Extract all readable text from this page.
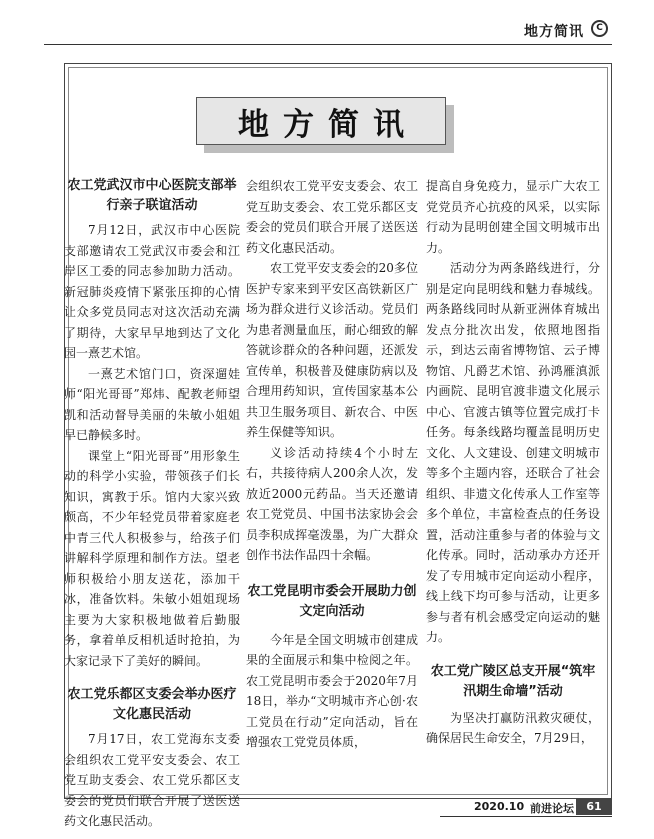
地方简讯	C
地方简讯
农工党武汉市中心医院支部举行亲子联谊活动

7月12日，武汉市中心医院支部邀请农工党武汉市委会和江岸区工委的同志参加助力活动。新冠肺炎疫情下紧张压抑的心情让众多党员同志对这次活动充满了期待，大家早早地到达了文化园一熹艺术馆。

一熹艺术馆门口，资深遛娃师“阳光哥哥”郑炜、配教老师望凯和活动督导美丽的朱敏小姐姐早已静候多时。

课堂上“阳光哥哥”用形象生动的科学小实验，带领孩子们长知识，寓教于乐。馆内大家兴致颇高，不少年轻党员带着家庭老中青三代人积极参与，给孩子们讲解科学原理和制作方法。望老师积极给小朋友送花，添加干冰，准备饮料。朱敏小姐姐现场主要为大家积极地做着后勤服务，拿着单反相机适时抢拍，为大家记录下了美好的瞬间。

农工党乐都区支委会举办医疗文化惠民活动

7月17日，农工党海东支委会组织农工党平安支委会、农工党互助支委会、农工党乐都区支委会的党员们联合开展了送医送药文化惠民活动。

会组织农工党平安支委会、农工党互助支委会、农工党乐都区支委会的党员们联合开展了送医送药文化惠民活动。

农工党平安支委会的20多位医护专家来到平安区高铁新区广场为群众进行义诊活动。党员们为患者测量血压，耐心细致的解答就诊群众的各种问题，还派发宣传单，积极普及健康防病以及合理用药知识，宣传国家基本公共卫生服务项目、新农合、中医养生保健等知识。

义诊活动持续4个小时左右，共接待病人200余人次，发放近2000元药品。当天还邀请农工党党员、中国书法家协会会员李积成挥毫泼墨，为广大群众创作书法作品四十余幅。

农工党昆明市委会开展助力创文定向活动

今年是全国文明城市创建成果的全面展示和集中检阅之年。农工党昆明市委会于2020年7月18日，举办“文明城市齐心创·农工党员在行动”定向活动，旨在增强农工党党员体质，

提高自身免疫力，显示广大农工党党员齐心抗疫的风采，以实际行动为昆明创建全国文明城市出力。

活动分为两条路线进行，分别是定向昆明线和魅力春城线。两条路线同时从新亚洲体育城出发点分批次出发，依照地图指示，到达云南省博物馆、云子博物馆、凡爵艺术馆、孙鸿雁滇派内画院、昆明官渡非遗文化展示中心、官渡古镇等位置完成打卡任务。每条线路均覆盖昆明历史文化、人文建设、创建文明城市等多个主题内容，还联合了社会组织、非遗文化传承人工作室等多个单位，丰富检查点的任务设置，活动注重参与者的体验与文化传承。同时，活动承办方还开发了专用城市定向运动小程序，线上线下均可参与活动，让更多参与者有机会感受定向运动的魅力。

农工党广陵区总支开展“筑牢汛期生命墙”活动

为坚决打赢防汛救灾硬仗，确保居民生命安全，7月29日，

2020.10 前进论坛	61
